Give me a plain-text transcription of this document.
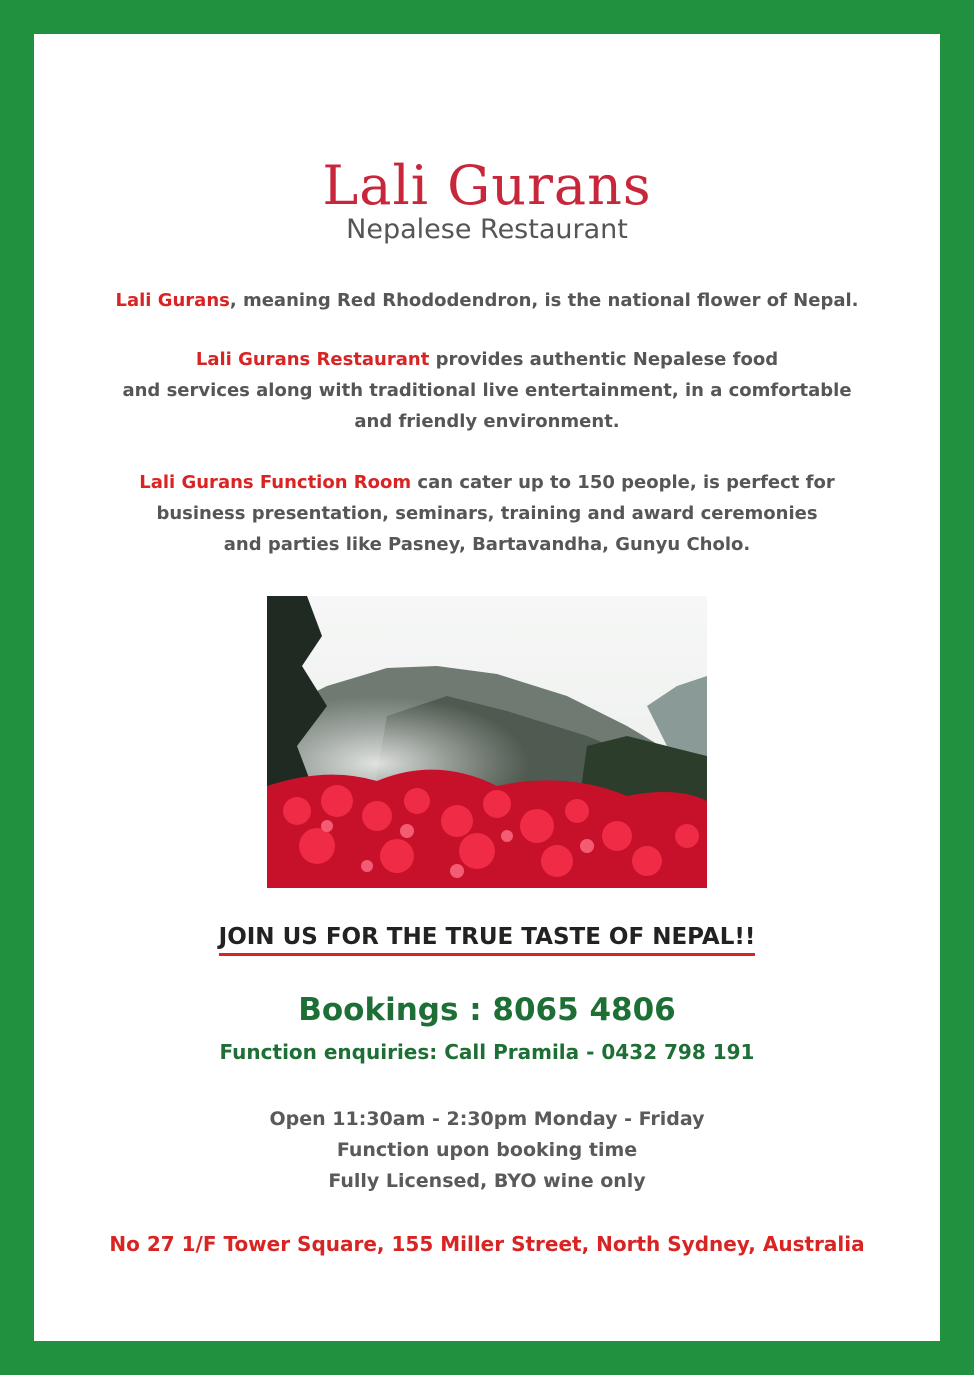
Lali Gurans
Nepalese Restaurant
Lali Gurans, meaning Red Rhododendron, is the national flower of Nepal.
Lali Gurans Restaurant provides authentic Nepalese food
and services along with traditional live entertainment, in a comfortable
and friendly environment.
Lali Gurans Function Room can cater up to 150 people, is perfect for
business presentation, seminars, training and award ceremonies
and parties like Pasney, Bartavandha, Gunyu Cholo.
JOIN US FOR THE TRUE TASTE OF NEPAL!!
Bookings : 8065 4806
Function enquiries: Call Pramila - 0432 798 191
Open 11:30am - 2:30pm Monday - Friday
Function upon booking time
Fully Licensed, BYO wine only
No 27 1/F Tower Square, 155 Miller Street, North Sydney, Australia
